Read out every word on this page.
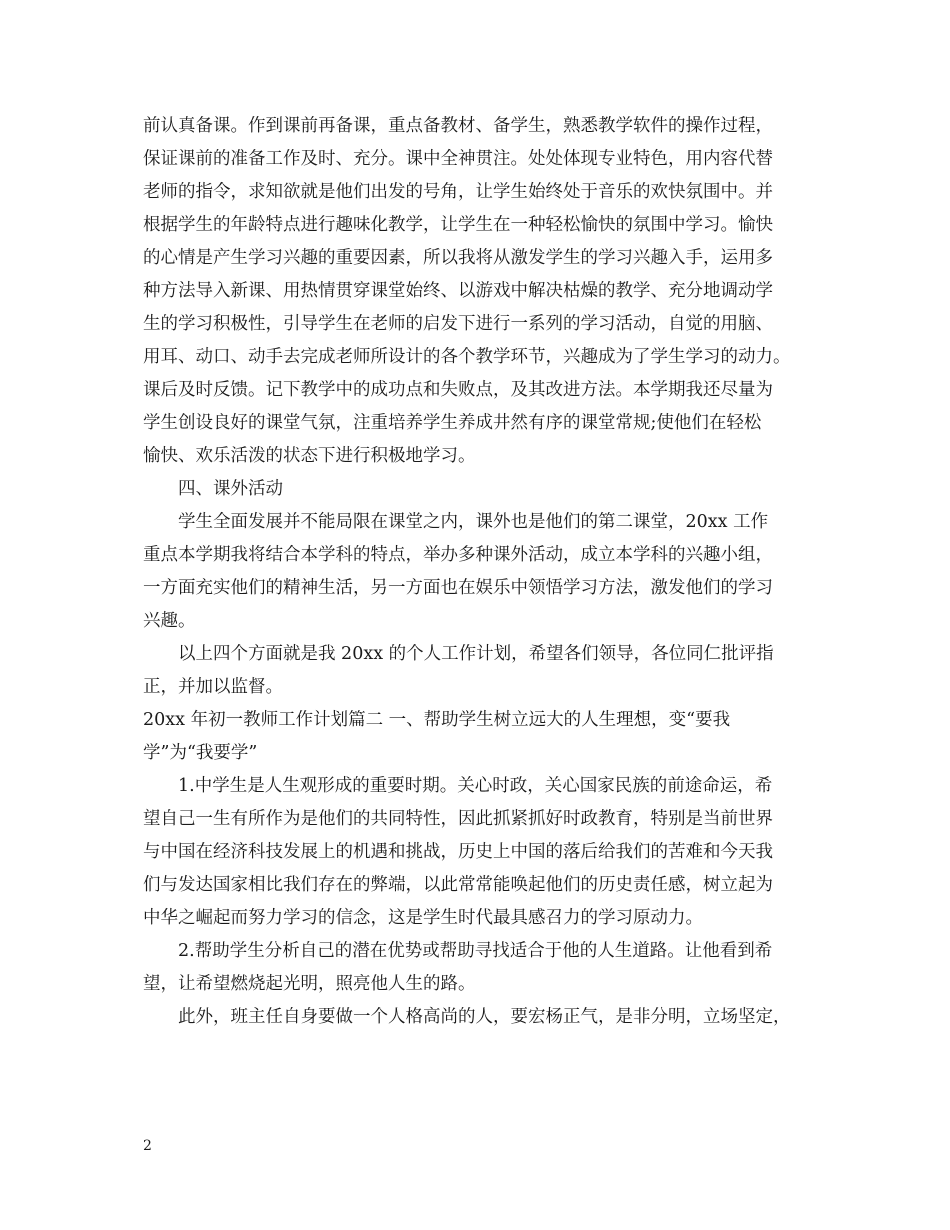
前认真备课。作到课前再备课，重点备教材、备学生，熟悉教学软件的操作过程，
保证课前的准备工作及时、充分。课中全神贯注。处处体现专业特色，用内容代替
老师的指令，求知欲就是他们出发的号角，让学生始终处于音乐的欢快氛围中。并
根据学生的年龄特点进行趣味化教学，让学生在一种轻松愉快的氛围中学习。愉快
的心情是产生学习兴趣的重要因素，所以我将从激发学生的学习兴趣入手，运用多
种方法导入新课、用热情贯穿课堂始终、以游戏中解决枯燥的教学、充分地调动学
生的学习积极性，引导学生在老师的启发下进行一系列的学习活动，自觉的用脑、
用耳、动口、动手去完成老师所设计的各个教学环节，兴趣成为了学生学习的动力。
课后及时反馈。记下教学中的成功点和失败点，及其改进方法。本学期我还尽量为
学生创设良好的课堂气氛，注重培养学生养成井然有序的课堂常规;使他们在轻松
愉快、欢乐活泼的状态下进行积极地学习。
四、课外活动
学生全面发展并不能局限在课堂之内，课外也是他们的第二课堂，20xx 工作
重点本学期我将结合本学科的特点，举办多种课外活动，成立本学科的兴趣小组，
一方面充实他们的精神生活，另一方面也在娱乐中领悟学习方法，激发他们的学习
兴趣。
以上四个方面就是我 20xx 的个人工作计划，希望各们领导，各位同仁批评指
正，并加以监督。
20xx 年初一教师工作计划篇二 一、帮助学生树立远大的人生理想，变“要我
学”为“我要学”
1.中学生是人生观形成的重要时期。关心时政，关心国家民族的前途命运，希
望自己一生有所作为是他们的共同特性，因此抓紧抓好时政教育，特别是当前世界
与中国在经济科技发展上的机遇和挑战，历史上中国的落后给我们的苦难和今天我
们与发达国家相比我们存在的弊端，以此常常能唤起他们的历史责任感，树立起为
中华之崛起而努力学习的信念，这是学生时代最具感召力的学习原动力。
2.帮助学生分析自己的潜在优势或帮助寻找适合于他的人生道路。让他看到希
望，让希望燃烧起光明，照亮他人生的路。
此外，班主任自身要做一个人格高尚的人，要宏杨正气，是非分明，立场坚定，
2
